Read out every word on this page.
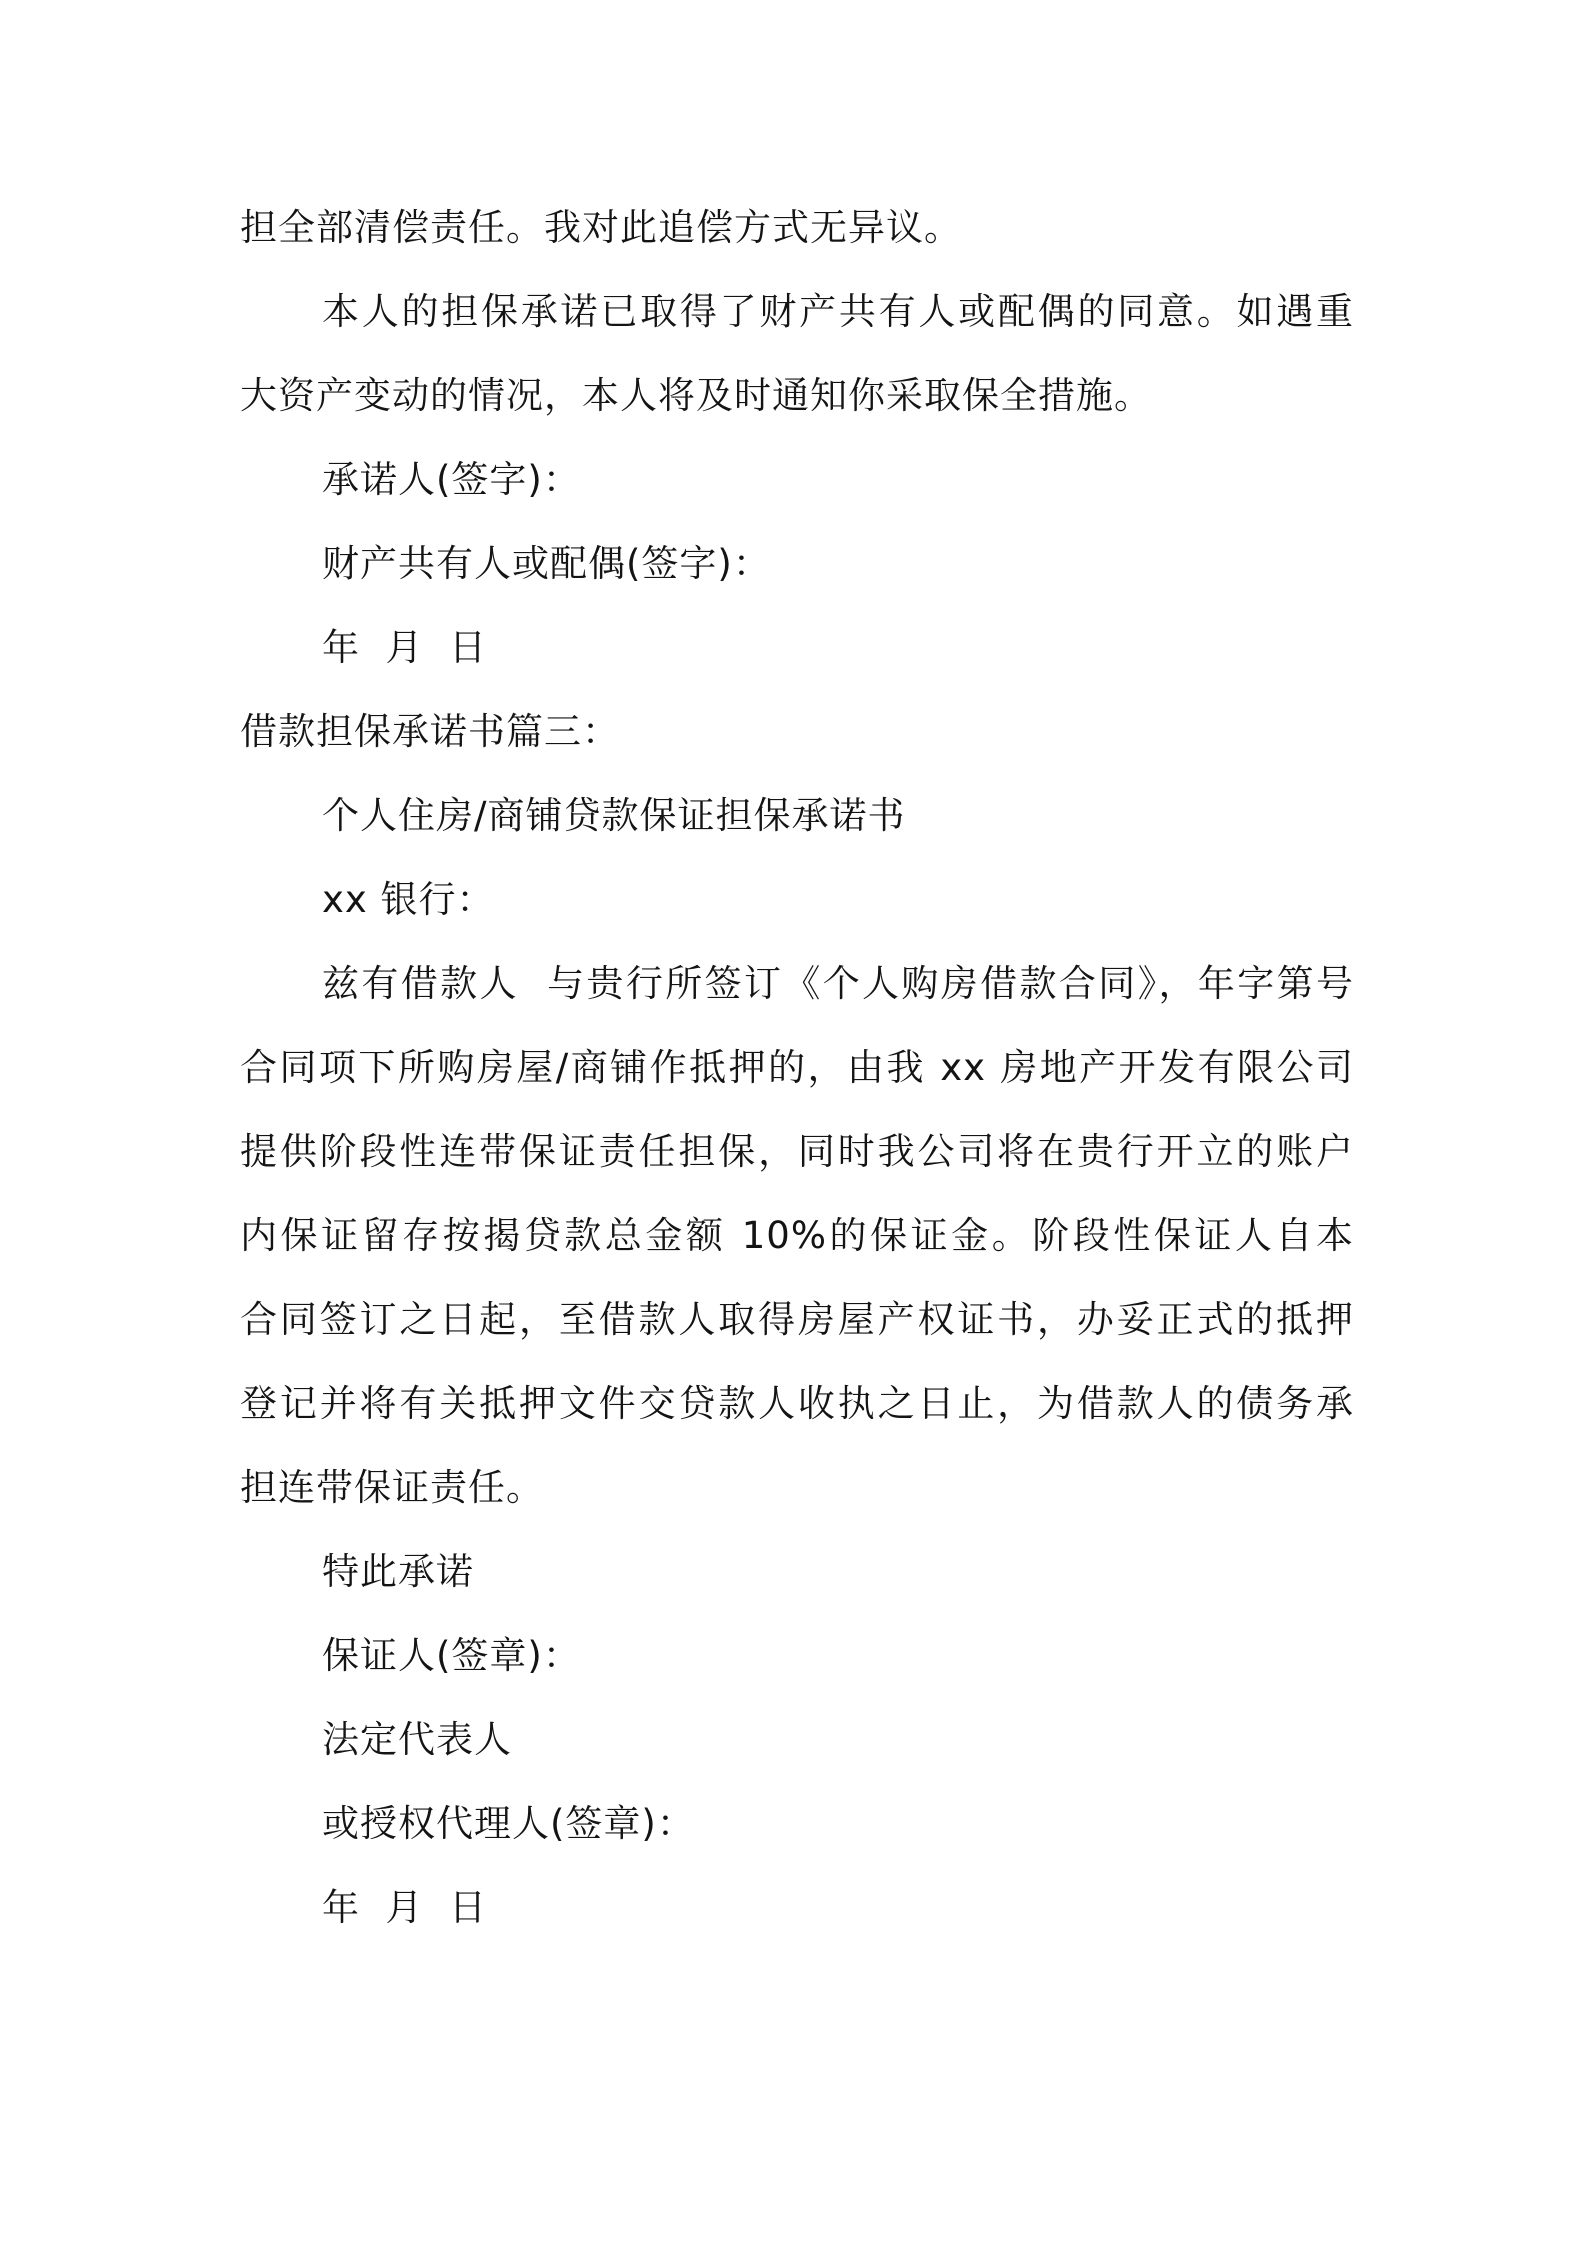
担全部清偿责任。我对此追偿方式无异议。
本人的担保承诺已取得了财产共有人或配偶的同意。如遇重
大资产变动的情况，本人将及时通知你采取保全措施。
承诺人(签字)：
财产共有人或配偶(签字)：
年  月  日
借款担保承诺书篇三：
个人住房/商铺贷款保证担保承诺书
xx 银行：
兹有借款人  与贵行所签订《个人购房借款合同》，年字第号
合同项下所购房屋/商铺作抵押的，由我 xx 房地产开发有限公司
提供阶段性连带保证责任担保，同时我公司将在贵行开立的账户
内保证留存按揭贷款总金额 10%的保证金。阶段性保证人自本
合同签订之日起，至借款人取得房屋产权证书，办妥正式的抵押
登记并将有关抵押文件交贷款人收执之日止，为借款人的债务承
担连带保证责任。
特此承诺
保证人(签章)：
法定代表人
或授权代理人(签章)：
年  月  日
